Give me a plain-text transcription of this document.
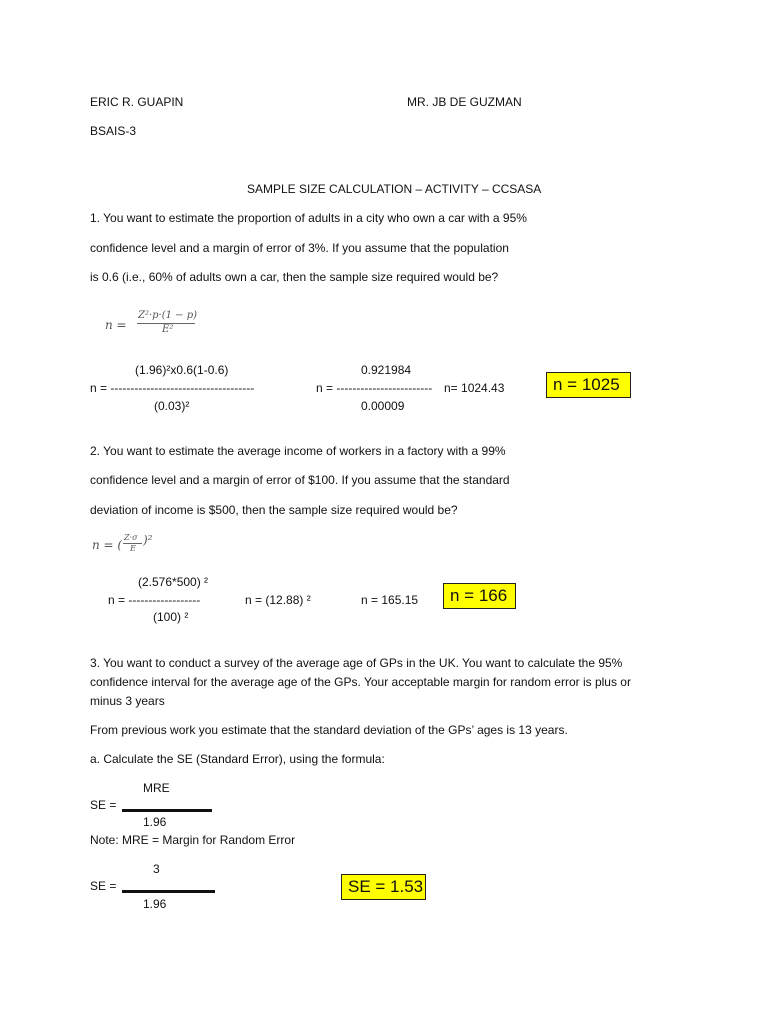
ERIC R. GUAPIN	MR. JB DE GUZMAN
BSAIS-3
SAMPLE SIZE CALCULATION – ACTIVITY – CCSASA
1. You want to estimate the proportion of adults in a city who own a car with a 95%
confidence level and a margin of error of 3%. If you assume that the population
is 0.6 (i.e., 60% of adults own a car, then the sample size required would be?
n =
Z²·p·(1 − p)
E²
(1.96)²x0.6(1-0.6)
n = ------------------------------------
(0.03)²
0.921984
n = ------------------------ n= 1024.43
0.00009
n = 1025
2. You want to estimate the average income of workers in a factory with a 99%
confidence level and a margin of error of $100. If you assume that the standard
deviation of income is $500, then the sample size required would be?
n = (
Z·σ
E
)²
(2.576*500) ²
n = ------------------
(100) ²
n = (12.88) ²	n = 165.15	n = 166
3. You want to conduct a survey of the average age of GPs in the UK. You want to calculate the 95%
confidence interval for the average age of the GPs. Your acceptable margin for random error is plus or
minus 3 years
From previous work you estimate that the standard deviation of the GPs’ ages is 13 years.
a. Calculate the SE (Standard Error), using the formula:
MRE
SE =
1.96
Note: MRE = Margin for Random Error
3
SE =
1.96
SE = 1.53
